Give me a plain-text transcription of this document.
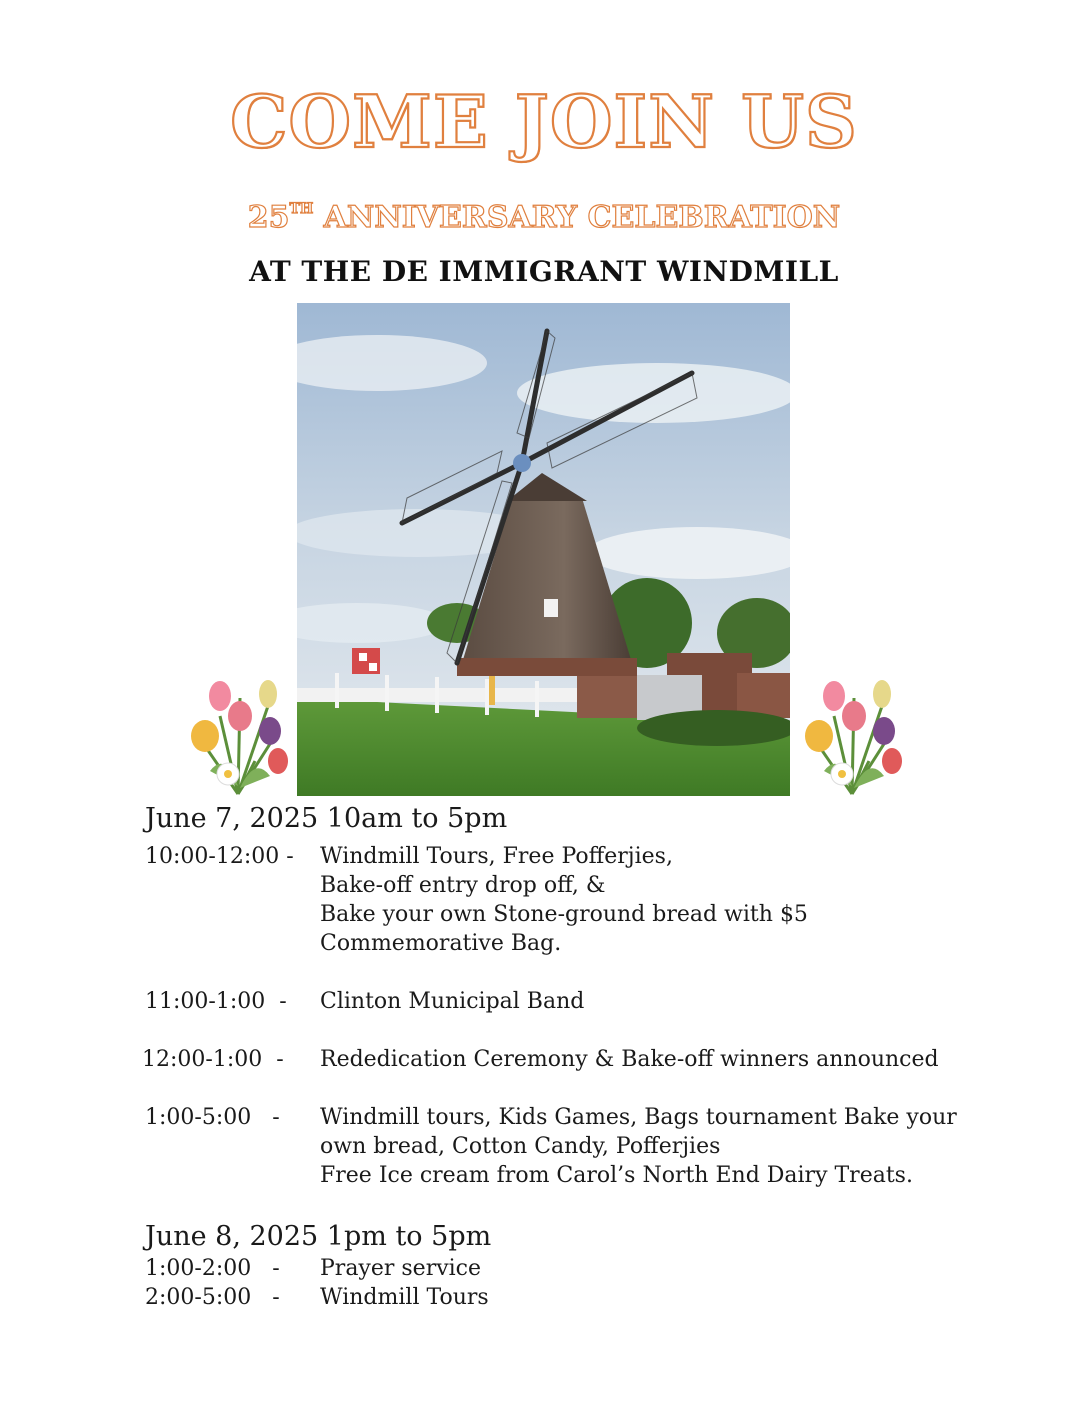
COME JOIN US
25TH ANNIVERSARY CELEBRATION
AT THE DE IMMIGRANT WINDMILL
June 7, 2025 10am to 5pm
10:00-12:00 - Windmill Tours, Free Pofferjies,
Bake-off entry drop off, &
Bake your own Stone-ground bread with $5
Commemorative Bag.
11:00-1:00  - Clinton Municipal Band
12:00-1:00  - Rededication Ceremony & Bake-off winners announced
1:00-5:00   - Windmill tours, Kids Games, Bags tournament Bake your
own bread, Cotton Candy, Pofferjies
Free Ice cream from Carol’s North End Dairy Treats.
June 8, 2025 1pm to 5pm
1:00-2:00   - Prayer service
2:00-5:00   - Windmill Tours
